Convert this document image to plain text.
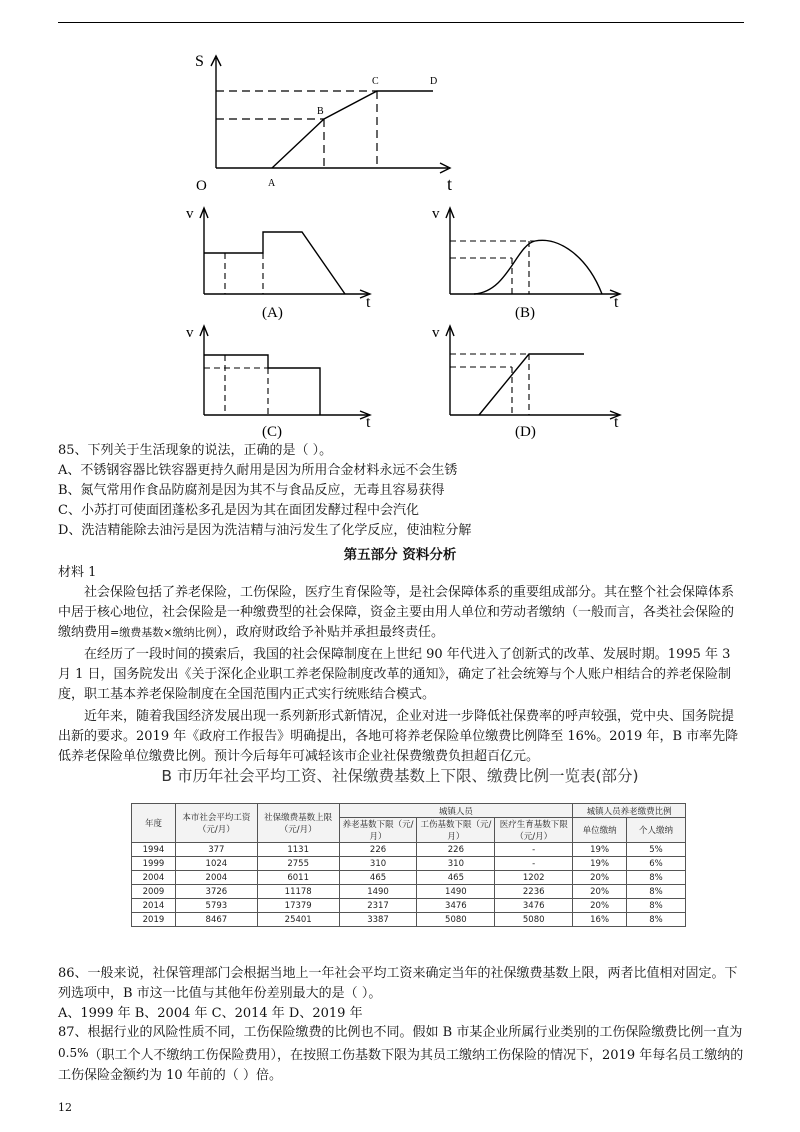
S
t
O	A
B
C	D
v
t
(A)
v
t
(B)
v
t
(C)
v
t
(D)
85、下列关于生活现象的说法，正确的是（ ）。
A、不锈钢容器比铁容器更持久耐用是因为所用合金材料永远不会生锈
B、氮气常用作食品防腐剂是因为其不与食品反应，无毒且容易获得
C、小苏打可使面团蓬松多孔是因为其在面团发酵过程中会汽化
D、洗洁精能除去油污是因为洗洁精与油污发生了化学反应，使油粒分解
第五部分 资料分析
材料 1
社会保险包括了养老保险，工伤保险，医疗生育保险等，是社会保障体系的重要组成部分。其在整个社会保障体系中居于核心地位，社会保险是一种缴费型的社会保障，资金主要由用人单位和劳动者缴纳（一般而言，各类社会保险的缴纳费用=缴费基数×缴纳比例），政府财政给予补贴并承担最终责任。
在经历了一段时间的摸索后，我国的社会保障制度在上世纪 90 年代进入了创新式的改革、发展时期。1995 年 3 月 1 日，国务院发出《关于深化企业职工养老保险制度改革的通知》，确定了社会统筹与个人账户相结合的养老保险制度，职工基本养老保险制度在全国范围内正式实行统账结合模式。
近年来，随着我国经济发展出现一系列新形式新情况，企业对进一步降低社保费率的呼声较强，党中央、国务院提出新的要求。2019 年《政府工作报告》明确提出，各地可将养老保险单位缴费比例降至 16%。2019 年，B 市率先降低养老保险单位缴费比例。预计今后每年可减轻该市企业社保费缴费负担超百亿元。
B 市历年社会平均工资、社保缴费基数上下限、缴费比例一览表(部分)
年度	本市社会平均工资（元/月）	社保缴费基数上限（元/月）	城镇人员			城镇人员养老缴费比例	
			养老基数下限（元/月）	工伤基数下限（元/月）	医疗生育基数下限（元/月）	单位缴纳	个人缴纳
1994	377	1131	226	226	-	19%	5%
1999	1024	2755	310	310	-	19%	6%
2004	2004	6011	465	465	1202	20%	8%
2009	3726	11178	1490	1490	2236	20%	8%
2014	5793	17379	2317	3476	3476	20%	8%
2019	8467	25401	3387	5080	5080	16%	8%
86、一般来说，社保管理部门会根据当地上一年社会平均工资来确定当年的社保缴费基数上限，两者比值相对固定。下列选项中，B 市这一比值与其他年份差别最大的是（ ）。
A、1999 年 B、2004 年 C、2014 年 D、2019 年
87、根据行业的风险性质不同，工伤保险缴费的比例也不同。假如 B 市某企业所属行业类别的工伤保险缴费比例一直为0.5%（职工个人不缴纳工伤保险费用），在按照工伤基数下限为其员工缴纳工伤保险的情况下，2019 年每名员工缴纳的工伤保险金额约为 10 年前的（ ）倍。
12
